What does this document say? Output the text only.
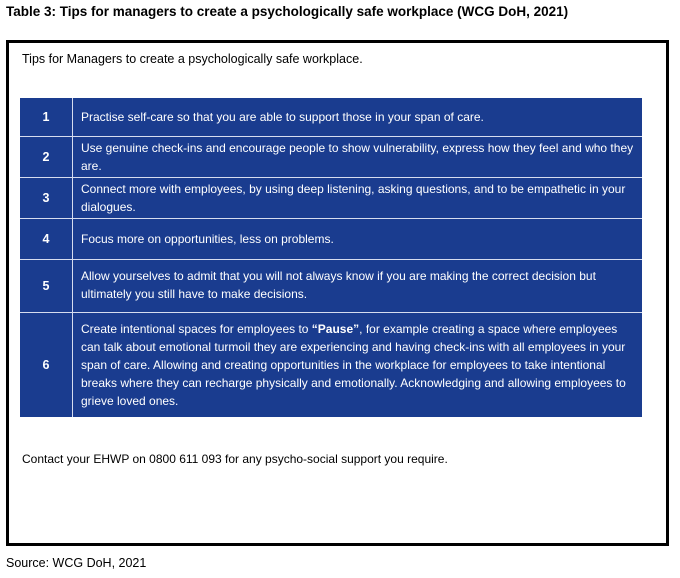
Table 3: Tips for managers to create a psychologically safe workplace (WCG DoH, 2021)
Tips for Managers to create a psychologically safe workplace.
1	Practise self-care so that you are able to support those in your span of care.
2
Use genuine check-ins and encourage people to show vulnerability, express how they feel and who they are.
3
Connect more with employees, by using deep listening, asking questions, and to be empathetic in your dialogues.
4	Focus more on opportunities, less on problems.
5
Allow yourselves to admit that you will not always know if you are making the correct decision but ultimately you still have to make decisions.
6
Create intentional spaces for employees to “Pause”, for example creating a space where employees can talk about emotional turmoil they are experiencing and having check-ins with all employees in your span of care. Allowing and creating opportunities in the workplace for employees to take intentional breaks where they can recharge physically and emotionally. Acknowledging and allowing employees to grieve loved ones.
Contact your EHWP on 0800 611 093 for any psycho-social support you require.
Source: WCG DoH, 2021
